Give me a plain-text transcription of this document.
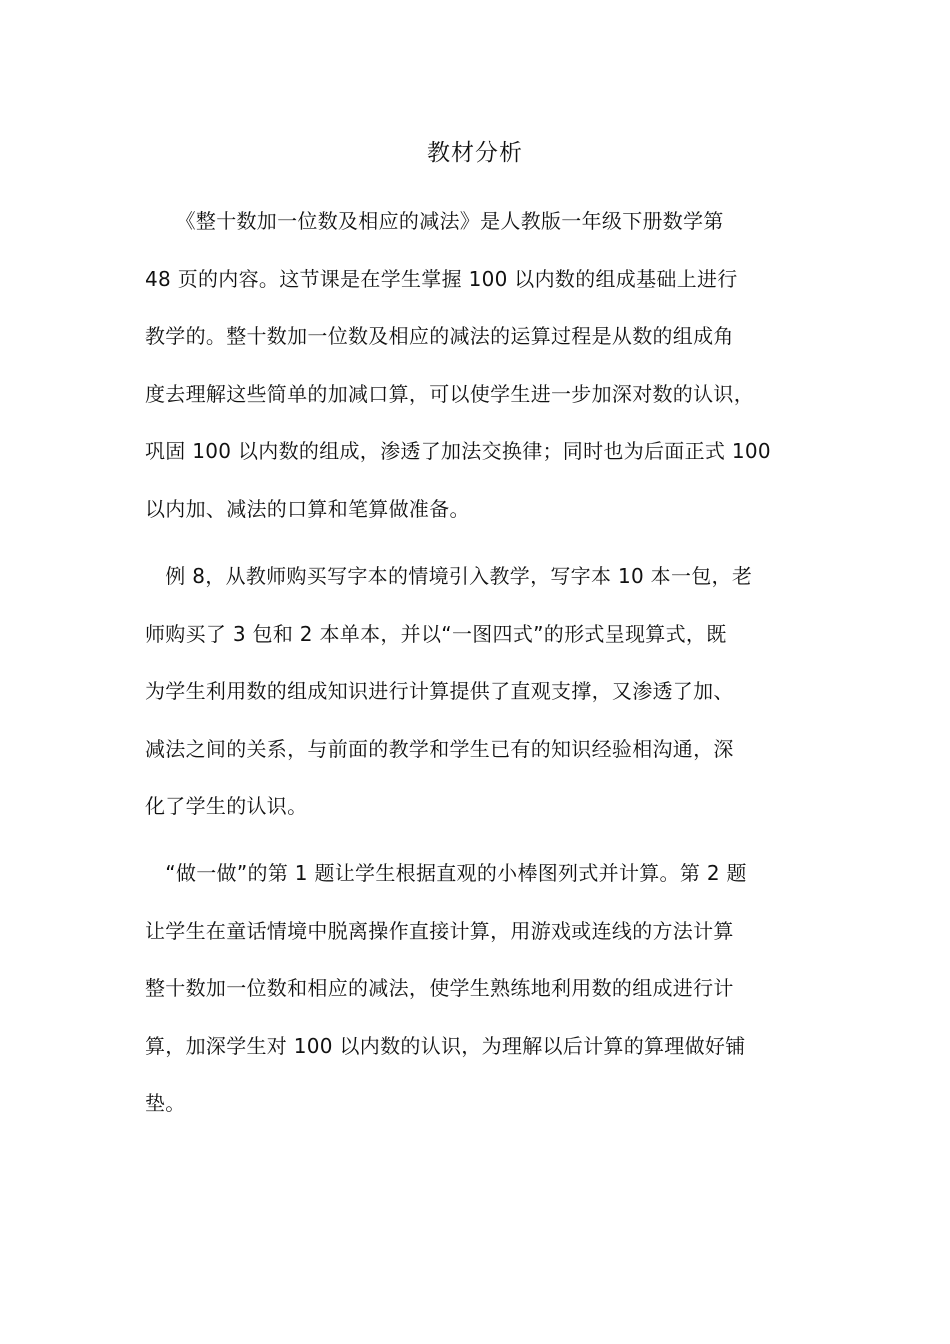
教材分析
　　《整十数加一位数及相应的减法》是人教版一年级下册数学第
48 页的内容。这节课是在学生掌握 100 以内数的组成基础上进行
教学的。整十数加一位数及相应的减法的运算过程是从数的组成角
度去理解这些简单的加减口算，可以使学生进一步加深对数的认识，
巩固 100 以内数的组成，渗透了加法交换律；同时也为后面正式 100
以内加、减法的口算和笔算做准备。
　例 8，从教师购买写字本的情境引入教学，写字本 10 本一包，老
师购买了 3 包和 2 本单本，并以“一图四式”的形式呈现算式，既
为学生利用数的组成知识进行计算提供了直观支撑，又渗透了加、
减法之间的关系，与前面的教学和学生已有的知识经验相沟通，深
化了学生的认识。
　“做一做”的第 1 题让学生根据直观的小棒图列式并计算。第 2 题
让学生在童话情境中脱离操作直接计算，用游戏或连线的方法计算
整十数加一位数和相应的减法，使学生熟练地利用数的组成进行计
算，加深学生对 100 以内数的认识，为理解以后计算的算理做好铺
垫。
